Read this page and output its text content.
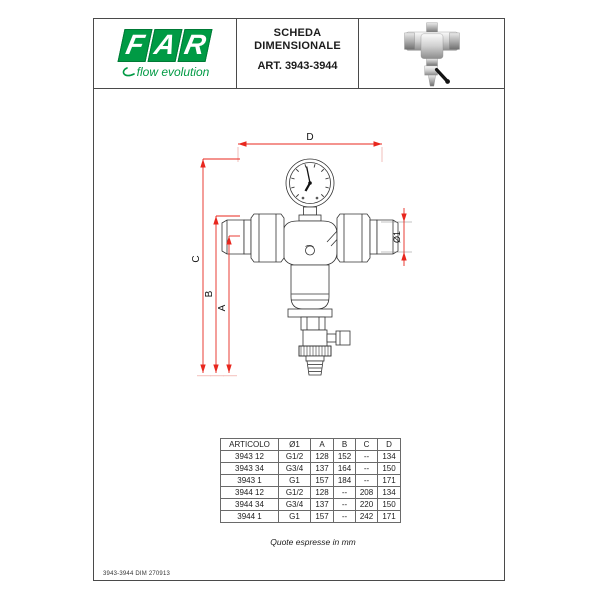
F A R
flow evolution
SCHEDA
DIMENSIONALE
ART. 3943-3944
D
C
B
A
Ø1
ARTICOLO	Ø1	A	B	C	D
3943 12	G1/2	128	152	--	134
3943 34	G3/4	137	164	--	150
3943 1	G1	157	184	--	171
3944 12	G1/2	128	--	208	134
3944 34	G3/4	137	--	220	150
3944 1	G1	157	--	242	171
Quote espresse in mm
3943-3944 DIM 270913
